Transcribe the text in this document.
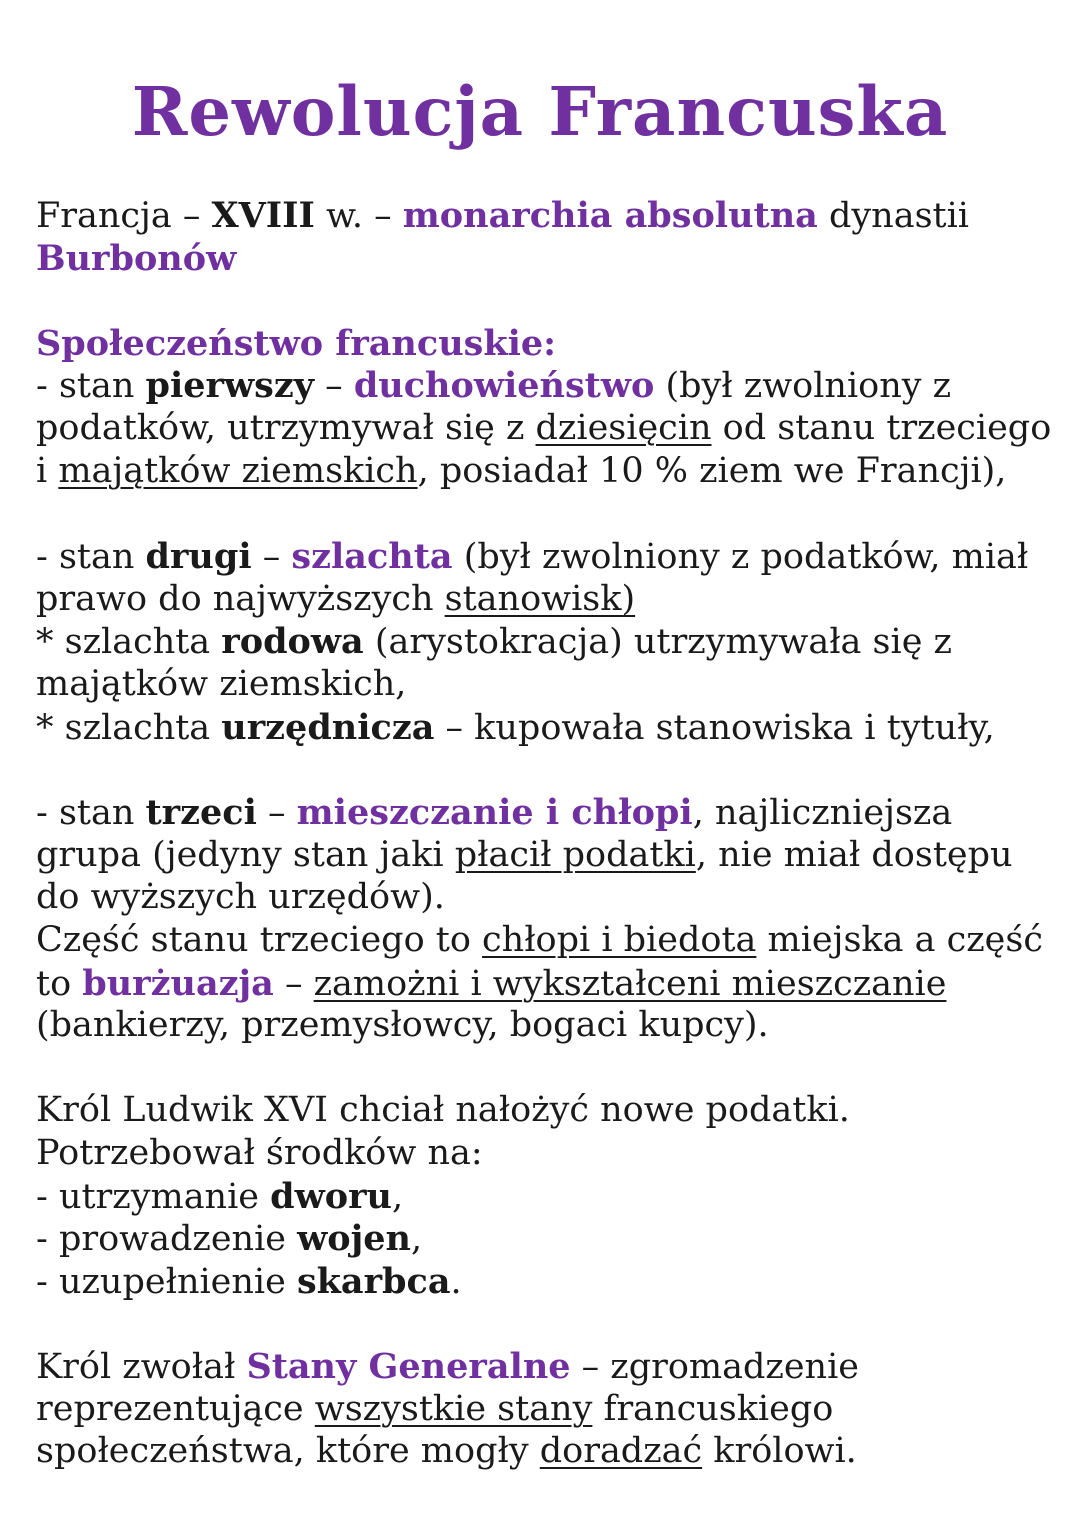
Rewolucja Francuska

Francja – XVIII w. – monarchia absolutna dynastii

Burbonów

Społeczeństwo francuskie:

- stan pierwszy – duchowieństwo (był zwolniony z

podatków, utrzymywał się z dziesięcin od stanu trzeciego

i majątków ziemskich, posiadał 10 % ziem we Francji),

- stan drugi – szlachta (był zwolniony z podatków, miał

prawo do najwyższych stanowisk)

* szlachta rodowa (arystokracja) utrzymywała się z

majątków ziemskich,

* szlachta urzędnicza – kupowała stanowiska i tytuły,

- stan trzeci – mieszczanie i chłopi, najliczniejsza

grupa (jedyny stan jaki płacił podatki, nie miał dostępu

do wyższych urzędów).

Część stanu trzeciego to chłopi i biedota miejska a część

to burżuazja – zamożni i wykształceni mieszczanie

(bankierzy, przemysłowcy, bogaci kupcy).

Król Ludwik XVI chciał nałożyć nowe podatki.

Potrzebował środków na:

- utrzymanie dworu,

- prowadzenie wojen,

- uzupełnienie skarbca.

Król zwołał Stany Generalne – zgromadzenie

reprezentujące wszystkie stany francuskiego

społeczeństwa, które mogły doradzać królowi.
